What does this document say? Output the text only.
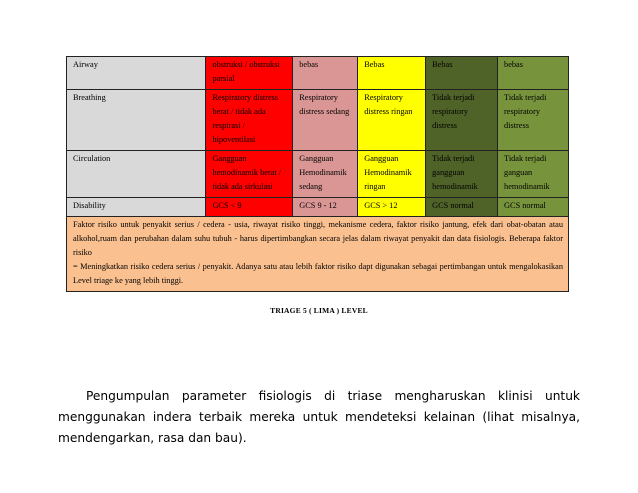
Airway	obstruksi / obstruksi parsial	bebas	Bebas	Bebas	bebas
Breathing	Respiratory distress berat / tidak ada respirasi / hipoventilasi	Respiratory distress sedang	Respiratory distress ringan	Tidak terjadi respiratory distress	Tidak terjadi respiratory distress
Circulation	Gangguan hemodinamik berat / tidak ada sirkulasi	Gangguan Hemodinamik sedang	Gangguan Hemodinamik ringan	Tidak terjadi gangguan hemodinamik	Tidak terjadi ganguan hemodinamik
Disability	GCS < 9	GCS 9 - 12	GCS > 12	GCS normal	GCS normal

Faktor risiko untuk penyakit serius / cedera - usia, riwayat risiko tinggi, mekanisme cedera, faktor risiko jantung, efek dari obat-obatan atau alkohol,ruam dan perubahan dalam suhu tubuh - harus dipertimbangkan secara jelas dalam riwayat penyakit dan data fisiologis. Beberapa faktor risiko

= Meningkatkan risiko cedera serius / penyakit. Adanya satu atau lebih faktor risiko dapt digunakan sebagai pertimbangan untuk mengalokasikan Level triage ke yang lebih tinggi.					

TRIAGE 5 ( LIMA ) LEVEL

Pengumpulan parameter fisiologis di triase mengharuskan klinisi untuk menggunakan indera terbaik mereka untuk mendeteksi kelainan (lihat misalnya, mendengarkan, rasa dan bau).
